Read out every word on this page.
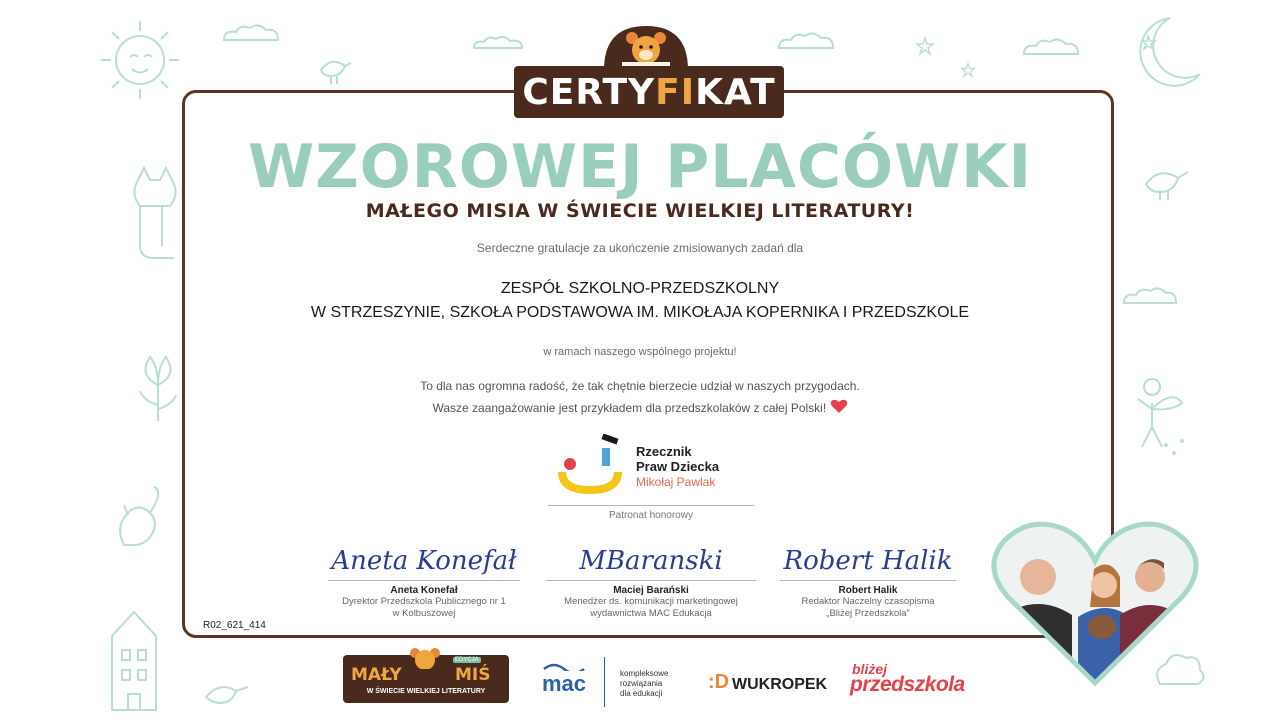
CERTY FI KAT
WZOROWEJ PLACÓWKI
MAŁEGO MISIA W ŚWIECIE WIELKIEJ LITERATURY!
Serdeczne gratulacje za ukończenie zmisiowanych zadań dla
ZESPÓŁ SZKOLNO-PRZEDSZKOLNY
W STRZESZYNIE, SZKOŁA PODSTAWOWA IM. MIKOŁAJA KOPERNIKA I PRZEDSZKOLE
w ramach naszego wspólnego projektu!
To dla nas ogromna radość, że tak chętnie bierzecie udział w naszych przygodach.
Wasze zaangażowanie jest przykładem dla przedszkolaków z całej Polski!
Rzecznik
Praw Dziecka
Mikołaj Pawlak
Patronat honorowy
Aneta Konefał
Aneta Konefał
Dyrektor Przedszkola Publicznego nr 1
w Kolbuszowej
MBaranski
Maciej Barański
Menedżer ds. komunikacji marketingowej
wydawnictwa MAC Edukacja
Robert Halik
Robert Halik
Redaktor Naczelny czasopisma
„Bliżej Przedszkola”
R02_621_414
MAŁY	MIŚ
EDYCJA
W ŚWIECIE WIELKIEJ LITERATURY	mac	kompleksowe
rozwiązania
dla edukacji
:D WUKROPEK
bliżej
przedszkola
